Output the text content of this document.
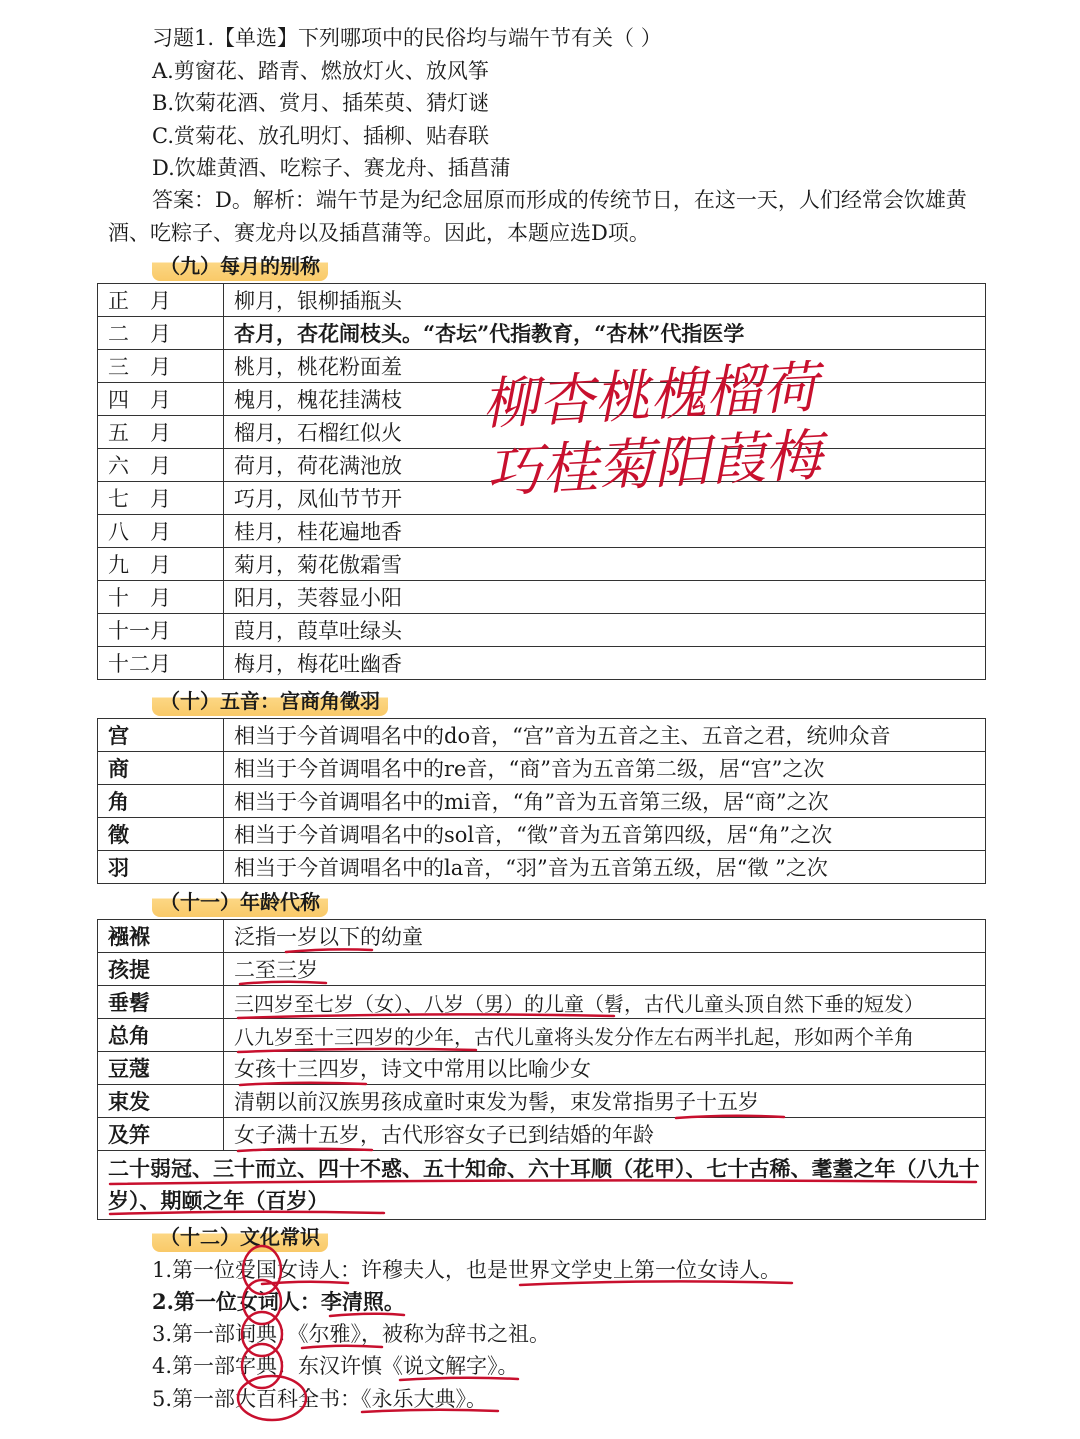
习题1.【单选】下列哪项中的民俗均与端午节有关（ ）
A.剪窗花、踏青、燃放灯火、放风筝
B.饮菊花酒、赏月、插茱萸、猜灯谜
C.赏菊花、放孔明灯、插柳、贴春联
D.饮雄黄酒、吃粽子、赛龙舟、插菖蒲
答案：D。解析：端午节是为纪念屈原而形成的传统节日，在这一天，人们经常会饮雄黄酒、吃粽子、赛龙舟以及插菖蒲等。因此，本题应选D项。
（九）每月的别称
正　月	柳月，银柳插瓶头
二　月	杏月，杏花闹枝头。“杏坛”代指教育，“杏林”代指医学
三　月	桃月，桃花粉面羞
四　月	槐月，槐花挂满枝
五　月	榴月，石榴红似火
六　月	荷月，荷花满池放
七　月	巧月，凤仙节节开
八　月	桂月，桂花遍地香
九　月	菊月，菊花傲霜雪
十　月	阳月，芙蓉显小阳
十一月	葭月，葭草吐绿头
十二月	梅月，梅花吐幽香
柳杏桃槐榴荷
巧桂菊阳葭梅
（十）五音：宫商角徵羽
宫	相当于今首调唱名中的do音，“宫”音为五音之主、五音之君，统帅众音
商	相当于今首调唱名中的re音，“商”音为五音第二级，居“宫”之次
角	相当于今首调唱名中的mi音，“角”音为五音第三级，居“商”之次
徵	相当于今首调唱名中的sol音，“徵”音为五音第四级，居“角”之次
羽	相当于今首调唱名中的la音，“羽”音为五音第五级，居“徵 ”之次
（十一）年龄代称
襁褓	泛指一岁以下的幼童
孩提	二至三岁
垂髫	三四岁至七岁（女）、八岁（男）的儿童（髫，古代儿童头顶自然下垂的短发）
总角	八九岁至十三四岁的少年，古代儿童将头发分作左右两半扎起，形如两个羊角
豆蔻	女孩十三四岁，诗文中常用以比喻少女
束发	清朝以前汉族男孩成童时束发为髻，束发常指男子十五岁
及笄	女子满十五岁，古代形容女子已到结婚的年龄
二十弱冠、三十而立、四十不惑、五十知命、六十耳顺（花甲）、七十古稀、耄耋之年（八九十岁）、期颐之年（百岁）	
（十二）文化常识
1.第一位爱国女诗人：许穆夫人，也是世界文学史上第一位女诗人。
2.第一位女词人：李清照。
3.第一部词典：《尔雅》，被称为辞书之祖。
4.第一部字典：东汉许慎《说文解字》。
5.第一部大百科全书：《永乐大典》。
